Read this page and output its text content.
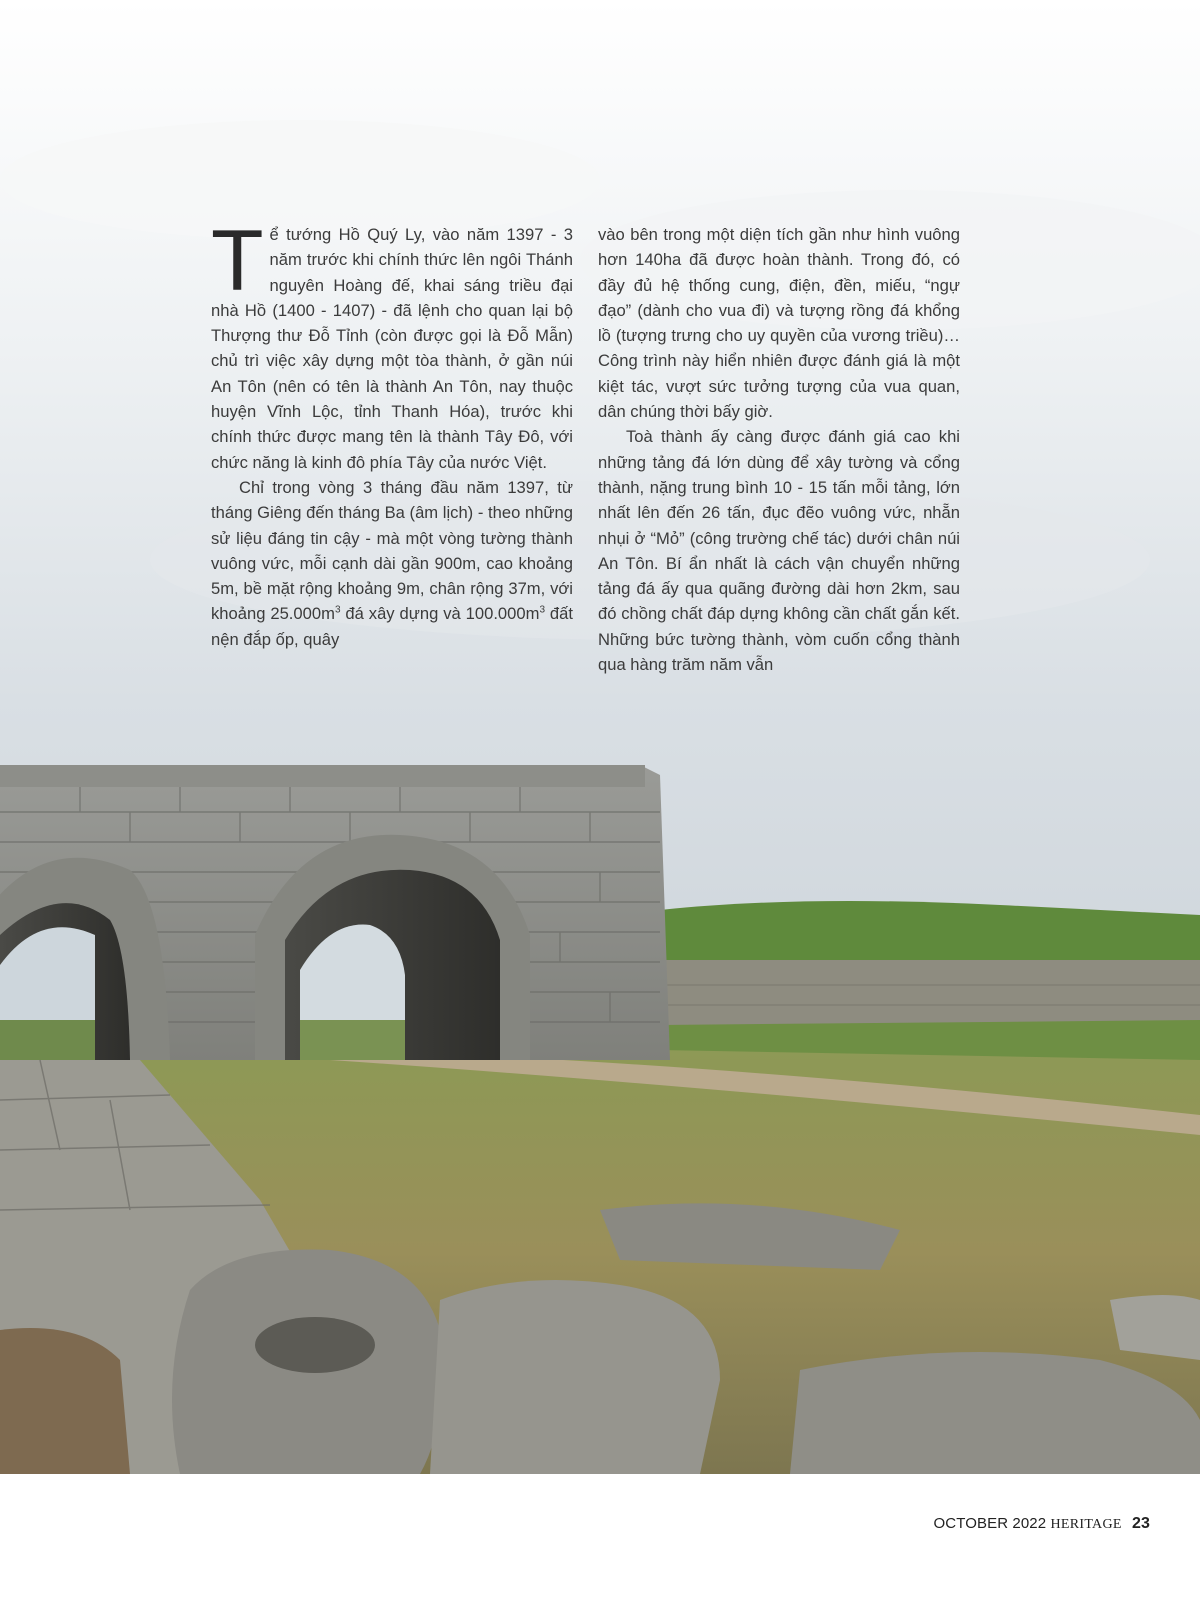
Tể tướng Hồ Quý Ly, vào năm 1397 - 3 năm trước khi chính thức lên ngôi Thánh nguyên Hoàng đế, khai sáng triều đại nhà Hồ (1400 - 1407) - đã lệnh cho quan lại bộ Thượng thư Đỗ Tỉnh (còn được gọi là Đỗ Mẫn) chủ trì việc xây dựng một tòa thành, ở gần núi An Tôn (nên có tên là thành An Tôn, nay thuộc huyện Vĩnh Lộc, tỉnh Thanh Hóa), trước khi chính thức được mang tên là thành Tây Đô, với chức năng là kinh đô phía Tây của nước Việt.

Chỉ trong vòng 3 tháng đầu năm 1397, từ tháng Giêng đến tháng Ba (âm lịch) - theo những sử liệu đáng tin cậy - mà một vòng tường thành vuông vức, mỗi cạnh dài gần 900m, cao khoảng 5m, bề mặt rộng khoảng 9m, chân rộng 37m, với khoảng $25.000m^3$ đá xây dựng và $100.000m^3$ đất nện đắp ốp, quây

vào bên trong một diện tích gần như hình vuông hơn 140ha đã được hoàn thành. Trong đó, có đầy đủ hệ thống cung, điện, đền, miếu, “ngự đạo” (dành cho vua đi) và tượng rồng đá khổng lồ (tượng trưng cho uy quyền của vương triều)… Công trình này hiển nhiên được đánh giá là một kiệt tác, vượt sức tưởng tượng của vua quan, dân chúng thời bấy giờ.

Toà thành ấy càng được đánh giá cao khi những tảng đá lớn dùng để xây tường và cổng thành, nặng trung bình 10 - 15 tấn mỗi tảng, lớn nhất lên đến 26 tấn, đục đẽo vuông vức, nhẵn nhụi ở “Mỏ” (công trường chế tác) dưới chân núi An Tôn. Bí ẩn nhất là cách vận chuyển những tảng đá ấy qua quãng đường dài hơn 2km, sau đó chồng chất đáp dựng không cần chất gắn kết. Những bức tường thành, vòm cuốn cổng thành qua hàng trăm năm vẫn

OCTOBER 2022 HERITAGE 23
